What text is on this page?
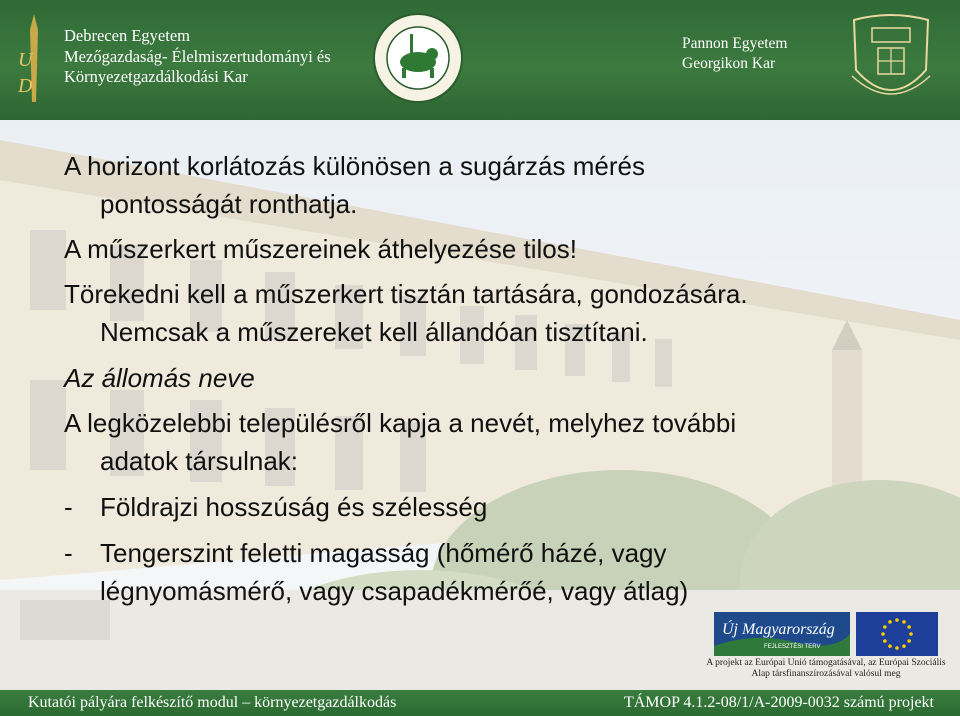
U
D
Debrecen Egyetem
Mezőgazdaság- Élelmiszertudományi és
Környezetgazdálkodási Kar
Pannon Egyetem
Georgikon Kar
A horizont korlátozás különösen a sugárzás mérés
pontosságát ronthatja.
A műszerkert műszereinek áthelyezése tilos!
Törekedni kell a műszerkert tisztán tartására, gondozására.
Nemcsak a műszereket kell állandóan tisztítani.
Az állomás neve
A legközelebbi településről kapja a nevét, melyhez további
adatok társulnak:
- Földrajzi hosszúság és szélesség
- Tengerszint feletti magasság (hőmérő házé, vagy
légnyomásmérő, vagy csapadékmérőé, vagy átlag)
Új Magyarország
FEJLESZTÉSI TERV
A projekt az Európai Unió támogatásával, az Európai Szociális Alap társfinanszírozásával valósul meg
Kutatói pályára felkészítő modul – környezetgazdálkodás	TÁMOP 4.1.2-08/1/A-2009-0032 számú projekt
